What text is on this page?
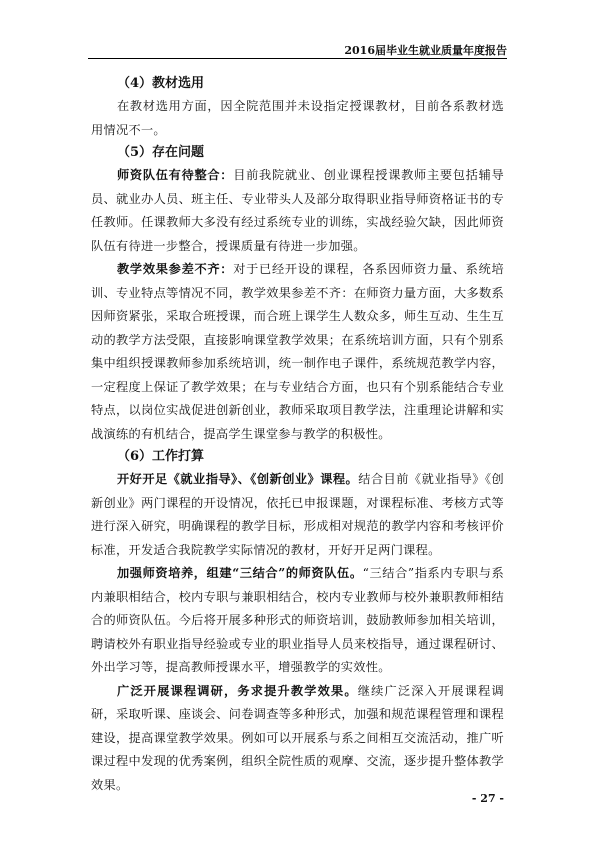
2016届毕业生就业质量年度报告

（4）教材选用

在教材选用方面，因全院范围并未设指定授课教材，目前各系教材选用情况不一。

（5）存在问题

师资队伍有待整合：目前我院就业、创业课程授课教师主要包括辅导员、就业办人员、班主任、专业带头人及部分取得职业指导师资格证书的专任教师。任课教师大多没有经过系统专业的训练，实战经验欠缺，因此师资队伍有待进一步整合，授课质量有待进一步加强。

教学效果参差不齐：对于已经开设的课程，各系因师资力量、系统培训、专业特点等情况不同，教学效果参差不齐：在师资力量方面，大多数系因师资紧张，采取合班授课，而合班上课学生人数众多，师生互动、生生互动的教学方法受限，直接影响课堂教学效果；在系统培训方面，只有个别系集中组织授课教师参加系统培训，统一制作电子课件，系统规范教学内容，一定程度上保证了教学效果；在与专业结合方面，也只有个别系能结合专业特点，以岗位实战促进创新创业，教师采取项目教学法，注重理论讲解和实战演练的有机结合，提高学生课堂参与教学的积极性。

（6）工作打算

开好开足《就业指导》、《创新创业》课程。结合目前《就业指导》《创新创业》两门课程的开设情况，依托已申报课题，对课程标准、考核方式等进行深入研究，明确课程的教学目标，形成相对规范的教学内容和考核评价标准，开发适合我院教学实际情况的教材，开好开足两门课程。

加强师资培养，组建“三结合”的师资队伍。“三结合”指系内专职与系内兼职相结合，校内专职与兼职相结合，校内专业教师与校外兼职教师相结合的师资队伍。今后将开展多种形式的师资培训，鼓励教师参加相关培训，聘请校外有职业指导经验或专业的职业指导人员来校指导，通过课程研讨、外出学习等，提高教师授课水平，增强教学的实效性。

广泛开展课程调研，务求提升教学效果。继续广泛深入开展课程调研，采取听课、座谈会、问卷调查等多种形式，加强和规范课程管理和课程建设，提高课堂教学效果。例如可以开展系与系之间相互交流活动，推广听课过程中发现的优秀案例，组织全院性质的观摩、交流，逐步提升整体教学效果。

- 27 -
